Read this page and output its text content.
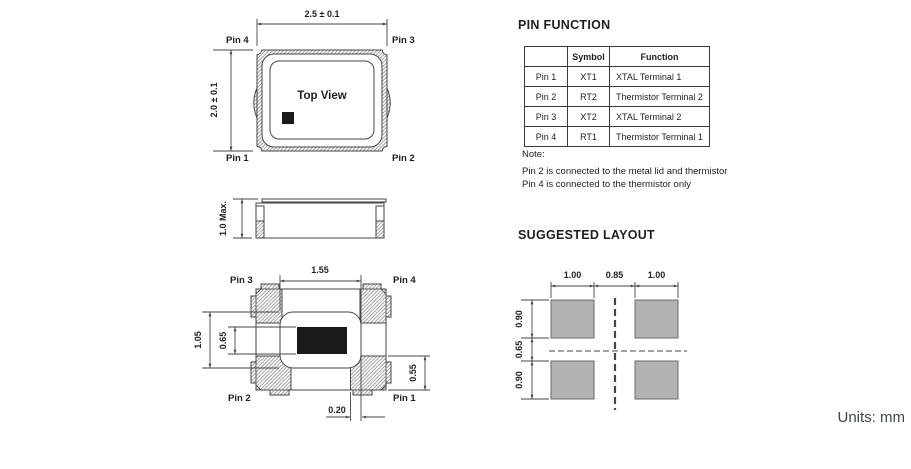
Top View
2.5 ± 0.1
2.0 ± 0.1
Pin 4	Pin 3
Pin 1	Pin 2
1.0 Max.
1.55
1.05 0.65
0.55
0.20
Pin 3	Pin 4
Pin 2	Pin 1
PIN FUNCTION
	Symbol	Function
Pin 1	XT1	XTAL Terminal 1
Pin 2	RT2	Thermistor Terminal 2
Pin 3	XT2	XTAL Terminal 2
Pin 4	RT1	Thermistor Terminal 1
Note:
Pin 2 is connected to the metal lid and thermistor
Pin 4 is connected to the thermistor only
SUGGESTED LAYOUT
1.00	0.85	1.00
0.90
0.65
0.90
Units: mm
